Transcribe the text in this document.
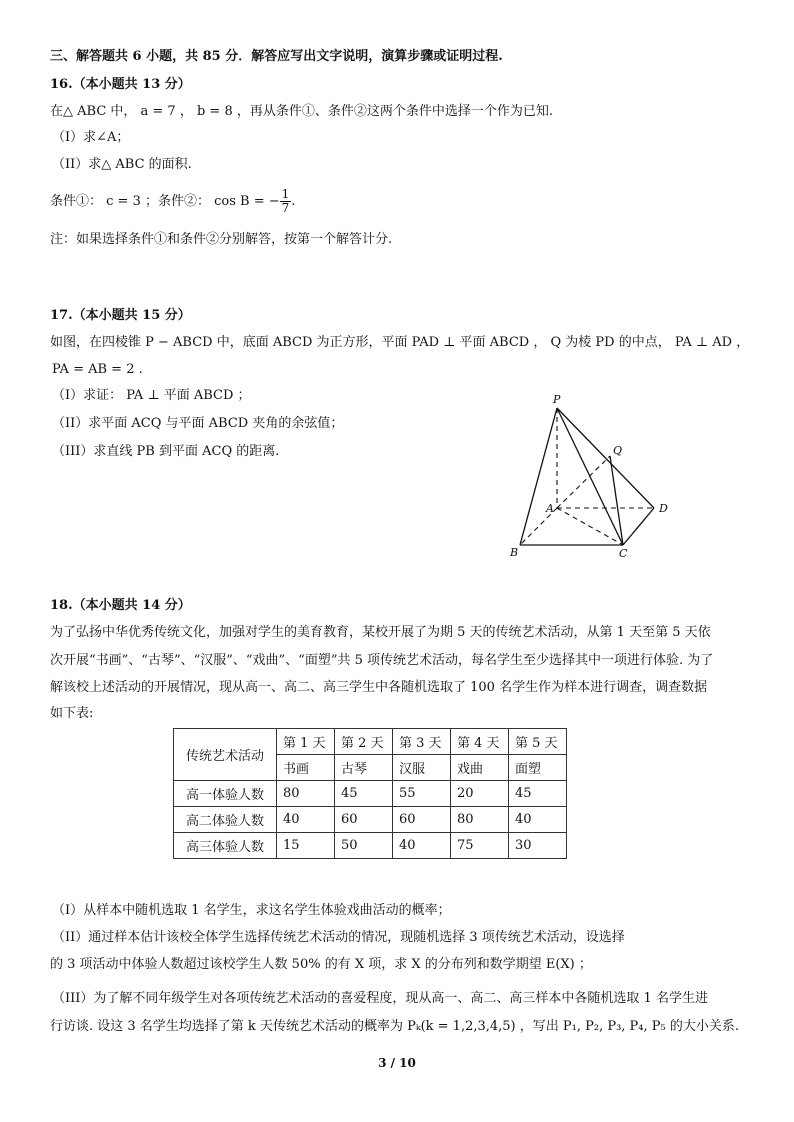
三、解答题共 6 小题，共 85 分．解答应写出文字说明，演算步骤或证明过程.
16.（本小题共 13 分）
在△ ABC 中， a = 7 ， b = 8 ，再从条件①、条件②这两个条件中选择一个作为已知.
（I）求∠A；
（II）求△ ABC 的面积.
条件①： c = 3 ；条件②： cos B = − $\frac{1}{7}$ .
注：如果选择条件①和条件②分别解答，按第一个解答计分.
17.（本小题共 15 分）
如图，在四棱锥 P − ABCD 中，底面 ABCD 为正方形，平面 PAD ⊥ 平面 ABCD ， Q 为棱 PD 的中点， PA ⊥ AD ，
PA = AB = 2 .
（I）求证： PA ⊥ 平面 ABCD ；
（II）求平面 ACQ 与平面 ABCD 夹角的余弦值；
（III）求直线 PB 到平面 ACQ 的距离.
P
Q
A
B	C
D
18.（本小题共 14 分）
为了弘扬中华优秀传统文化，加强对学生的美育教育，某校开展了为期 5 天的传统艺术活动，从第 1 天至第 5 天依
次开展“书画”、“古琴”、“汉服”、“戏曲”、“面塑”共 5 项传统艺术活动，每名学生至少选择其中一项进行体验. 为了
解该校上述活动的开展情况，现从高一、高二、高三学生中各随机选取了 100 名学生作为样本进行调查，调查数据
如下表:
传统艺术活动	第 1 天	第 2 天	第 3 天	第 4 天	第 5 天
	书画	古琴	汉服	戏曲	面塑
高一体验人数	80	45	55	20	45
高二体验人数	40	60	60	80	40
高三体验人数	15	50	40	75	30
（I）从样本中随机选取 1 名学生，求这名学生体验戏曲活动的概率；
（II）通过样本估计该校全体学生选择传统艺术活动的情况，现随机选择 3 项传统艺术活动，设选择
的 3 项活动中体验人数超过该校学生人数 50% 的有 X 项，求 X 的分布列和数学期望 E(X) ；
（III）为了解不同年级学生对各项传统艺术活动的喜爱程度，现从高一、高二、高三样本中各随机选取 1 名学生进
行访谈. 设这 3 名学生均选择了第 k 天传统艺术活动的概率为 Pₖ(k = 1,2,3,4,5) ，写出 P₁, P₂, P₃, P₄, P₅ 的大小关系.
3 / 10
